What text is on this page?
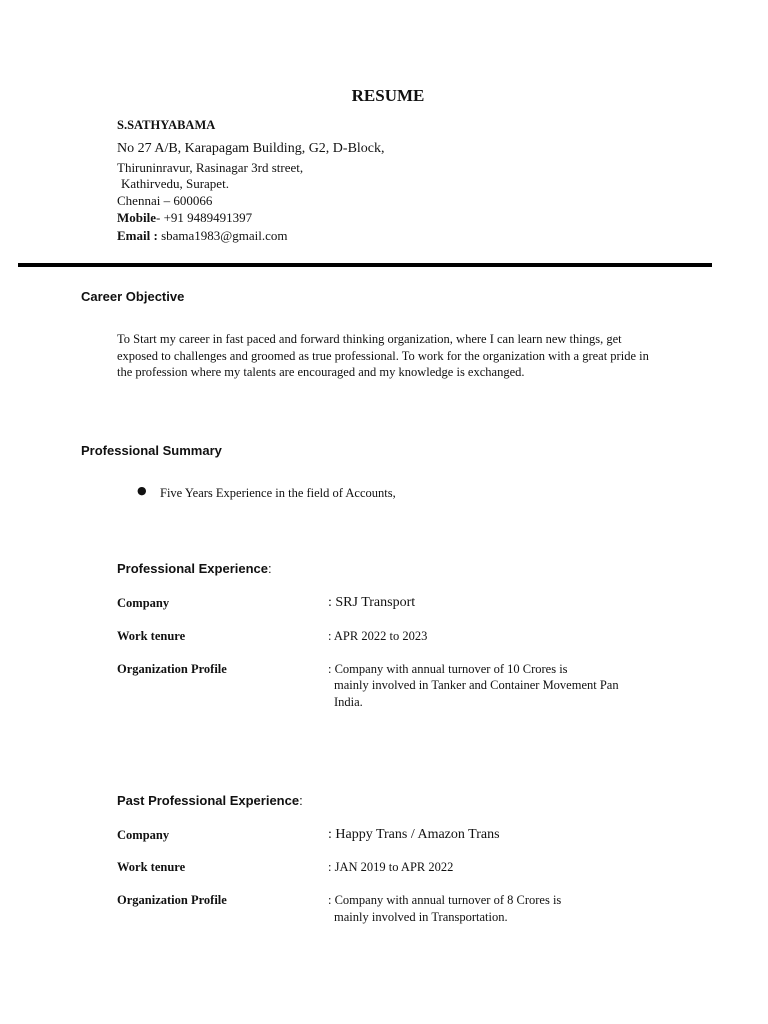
RESUME
S.SATHYABAMA
No 27 A/B, Karapagam Building, G2, D-Block,
Thiruninravur, Rasinagar 3rd street,
Kathirvedu, Surapet.
Chennai – 600066
Mobile- +91 9489491397
Email : sbama1983@gmail.com
Career Objective
To Start my career in fast paced and forward thinking organization, where I can learn new things, get exposed to challenges and groomed as true professional. To work for the organization with a great pride in the profession where my talents are encouraged and my knowledge is exchanged.
Professional Summary
● Five Years Experience in the field of Accounts,
Professional Experience:
Company	: SRJ Transport
Work tenure	: APR 2022 to 2023
Organization Profile	: Company with annual turnover of 10 Crores is
mainly involved in Tanker and Container Movement Pan
India.
Past Professional Experience:
Company	: Happy Trans / Amazon Trans
Work tenure	: JAN 2019 to APR 2022
Organization Profile	: Company with annual turnover of 8 Crores is
mainly involved in Transportation.
